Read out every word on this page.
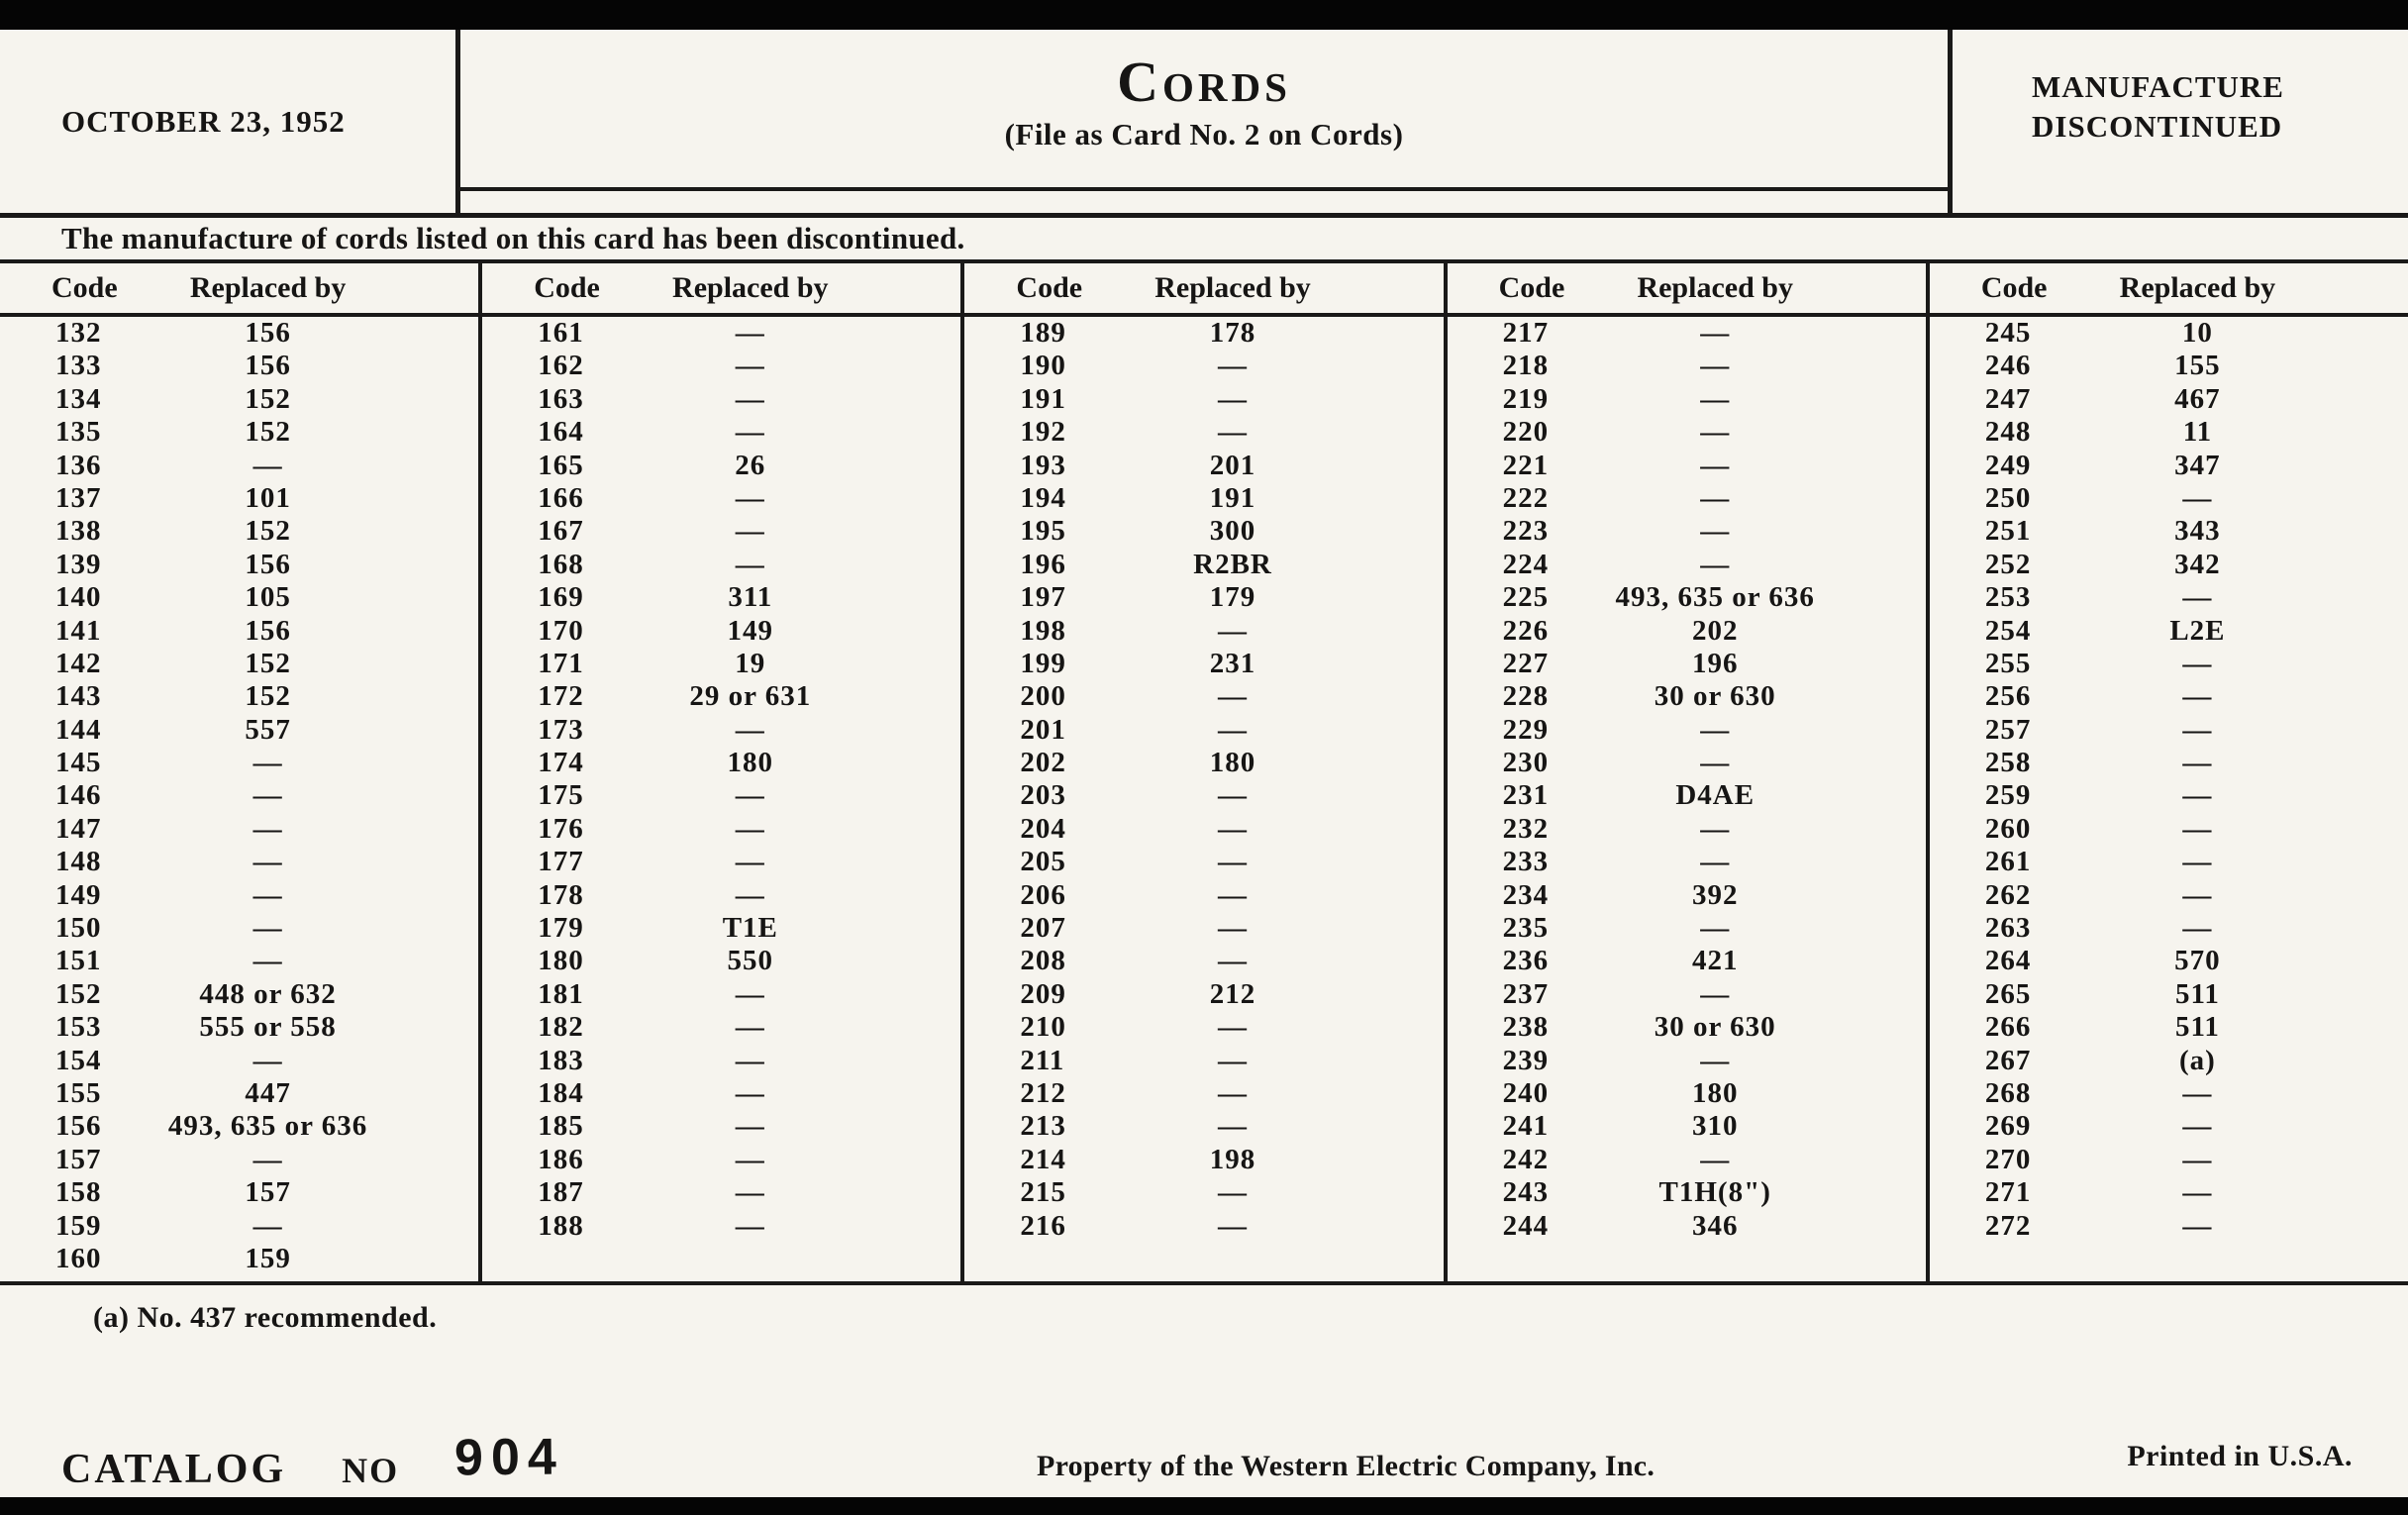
OCTOBER 23, 1952
Cords
(File as Card No. 2 on Cords)
MANUFACTURE
DISCONTINUED
The manufacture of cords listed on this card has been discontinued.
Code	Replaced by
132	156
133	156
134	152
135	152
136	—
137	101
138	152
139	156
140	105
141	156
142	152
143	152
144	557
145	—
146	—
147	—
148	—
149	—
150	—
151	—
152	448 or 632
153	555 or 558
154	—
155	447
156	493, 635 or 636
157	—
158	157
159	—
160	159
Code	Replaced by
161	—
162	—
163	—
164	—
165	26
166	—
167	—
168	—
169	311
170	149
171	19
172	29 or 631
173	—
174	180
175	—
176	—
177	—
178	—
179	T1E
180	550
181	—
182	—
183	—
184	—
185	—
186	—
187	—
188	—
Code	Replaced by
189	178
190	—
191	—
192	—
193	201
194	191
195	300
196	R2BR
197	179
198	—
199	231
200	—
201	—
202	180
203	—
204	—
205	—
206	—
207	—
208	—
209	212
210	—
211	—
212	—
213	—
214	198
215	—
216	—
Code	Replaced by
217	—
218	—
219	—
220	—
221	—
222	—
223	—
224	—
225	493, 635 or 636
226	202
227	196
228	30 or 630
229	—
230	—
231	D4AE
232	—
233	—
234	392
235	—
236	421
237	—
238	30 or 630
239	—
240	180
241	310
242	—
243	T1H(8")
244	346
Code	Replaced by
245	10
246	155
247	467
248	11
249	347
250	—
251	343
252	342
253	—
254	L2E
255	—
256	—
257	—
258	—
259	—
260	—
261	—
262	—
263	—
264	570
265	511
266	511
267	(a)
268	—
269	—
270	—
271	—
272	—
(a) No. 437 recommended.
CATALOG NO 904	Property of the Western Electric Company, Inc.	Printed in U.S.A.
